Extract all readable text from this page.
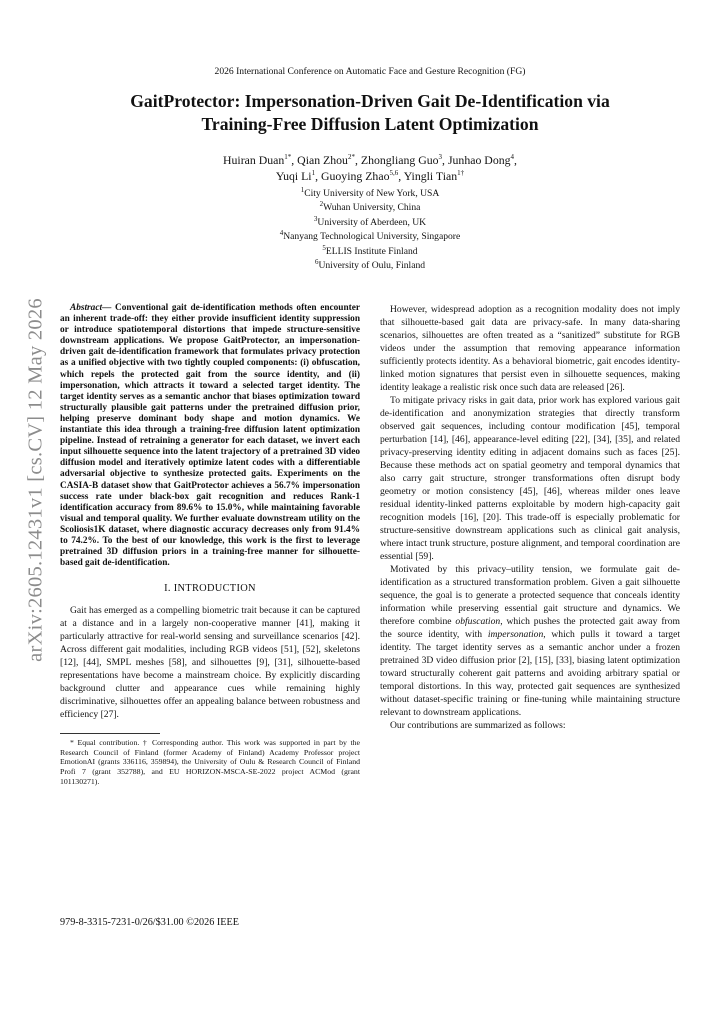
arXiv:2605.12431v1 [cs.CV] 12 May 2026
2026 International Conference on Automatic Face and Gesture Recognition (FG)
GaitProtector: Impersonation-Driven Gait De-Identification via
Training-Free Diffusion Latent Optimization
Huiran Duan$^{1*}$, Qian Zhou$^{2*}$, Zhongliang Guo$^3$, Junhao Dong$^4$,
Yuqi Li$^1$, Guoying Zhao$^{5,6}$, Yingli Tian$^{1\dagger}$
$^1$City University of New York, USA
$^2$Wuhan University, China
$^3$University of Aberdeen, UK
$^4$Nanyang Technological University, Singapore
$^5$ELLIS Institute Finland
$^6$University of Oulu, Finland

Abstract— Conventional gait de-identification methods often encounter an inherent trade-off: they either provide insufficient identity suppression or introduce spatiotemporal distortions that impede structure-sensitive downstream applications. We propose GaitProtector, an impersonation-driven gait de-identification framework that formulates privacy protection as a unified objective with two tightly coupled components: (i) obfuscation, which repels the protected gait from the source identity, and (ii) impersonation, which attracts it toward a selected target identity. The target identity serves as a semantic anchor that biases optimization toward structurally plausible gait patterns under the pretrained diffusion prior, helping preserve dominant body shape and motion dynamics. We instantiate this idea through a training-free diffusion latent optimization pipeline. Instead of retraining a generator for each dataset, we invert each input silhouette sequence into the latent trajectory of a pretrained 3D video diffusion model and iteratively optimize latent codes with a differentiable adversarial objective to synthesize protected gaits. Experiments on the CASIA-B dataset show that GaitProtector achieves a 56.7% impersonation success rate under black-box gait recognition and reduces Rank-1 identification accuracy from 89.6% to 15.0%, while maintaining favorable visual and temporal quality. We further evaluate downstream utility on the Scoliosis1K dataset, where diagnostic accuracy decreases only from 91.4% to 74.2%. To the best of our knowledge, this work is the first to leverage pretrained 3D diffusion priors in a training-free manner for silhouette-based gait de-identification.

I. INTRODUCTION

Gait has emerged as a compelling biometric trait because it can be captured at a distance and in a largely non-cooperative manner [41], making it particularly attractive for real-world sensing and surveillance scenarios [42]. Across different gait modalities, including RGB videos [51], [52], skeletons [12], [44], SMPL meshes [58], and silhouettes [9], [31], silhouette-based representations have become a mainstream choice. By explicitly discarding background clutter and appearance cues while remaining highly discriminative, silhouettes offer an appealing balance between robustness and efficiency [27].

* Equal contribution. † Corresponding author. This work was supported in part by the Research Council of Finland (former Academy of Finland) Academy Professor project EmotionAI (grants 336116, 359894), the University of Oulu & Research Council of Finland Profi 7 (grant 352788), and EU HORIZON-MSCA-SE-2022 project ACMod (grant 101130271).

However, widespread adoption as a recognition modality does not imply that silhouette-based gait data are privacy-safe. In many data-sharing scenarios, silhouettes are often treated as a “sanitized” substitute for RGB videos under the assumption that removing appearance information sufficiently protects identity. As a behavioral biometric, gait encodes identity-linked motion signatures that persist even in silhouette sequences, making identity leakage a realistic risk once such data are released [26].

To mitigate privacy risks in gait data, prior work has explored various gait de-identification and anonymization strategies that directly transform observed gait sequences, including contour modification [45], temporal perturbation [14], [46], appearance-level editing [22], [34], [35], and related privacy-preserving identity editing in adjacent domains such as faces [25]. Because these methods act on spatial geometry and temporal dynamics that also carry gait structure, stronger transformations often disrupt body geometry or motion consistency [45], [46], whereas milder ones leave residual identity-linked patterns exploitable by modern high-capacity gait recognition models [16], [20]. This trade-off is especially problematic for structure-sensitive downstream applications such as clinical gait analysis, where intact trunk structure, posture alignment, and temporal coordination are essential [59].

Motivated by this privacy–utility tension, we formulate gait de-identification as a structured transformation problem. Given a gait silhouette sequence, the goal is to generate a protected sequence that conceals identity information while preserving essential gait structure and dynamics. We therefore combine obfuscation, which pushes the protected gait away from the source identity, with impersonation, which pulls it toward a target identity. The target identity serves as a semantic anchor under a frozen pretrained 3D video diffusion prior [2], [15], [33], biasing latent optimization toward structurally coherent gait patterns and avoiding arbitrary spatial or temporal distortions. In this way, protected gait sequences are synthesized without dataset-specific training or fine-tuning while maintaining structure relevant to downstream applications.

Our contributions are summarized as follows:

979-8-3315-7231-0/26/$31.00 ©2026 IEEE
